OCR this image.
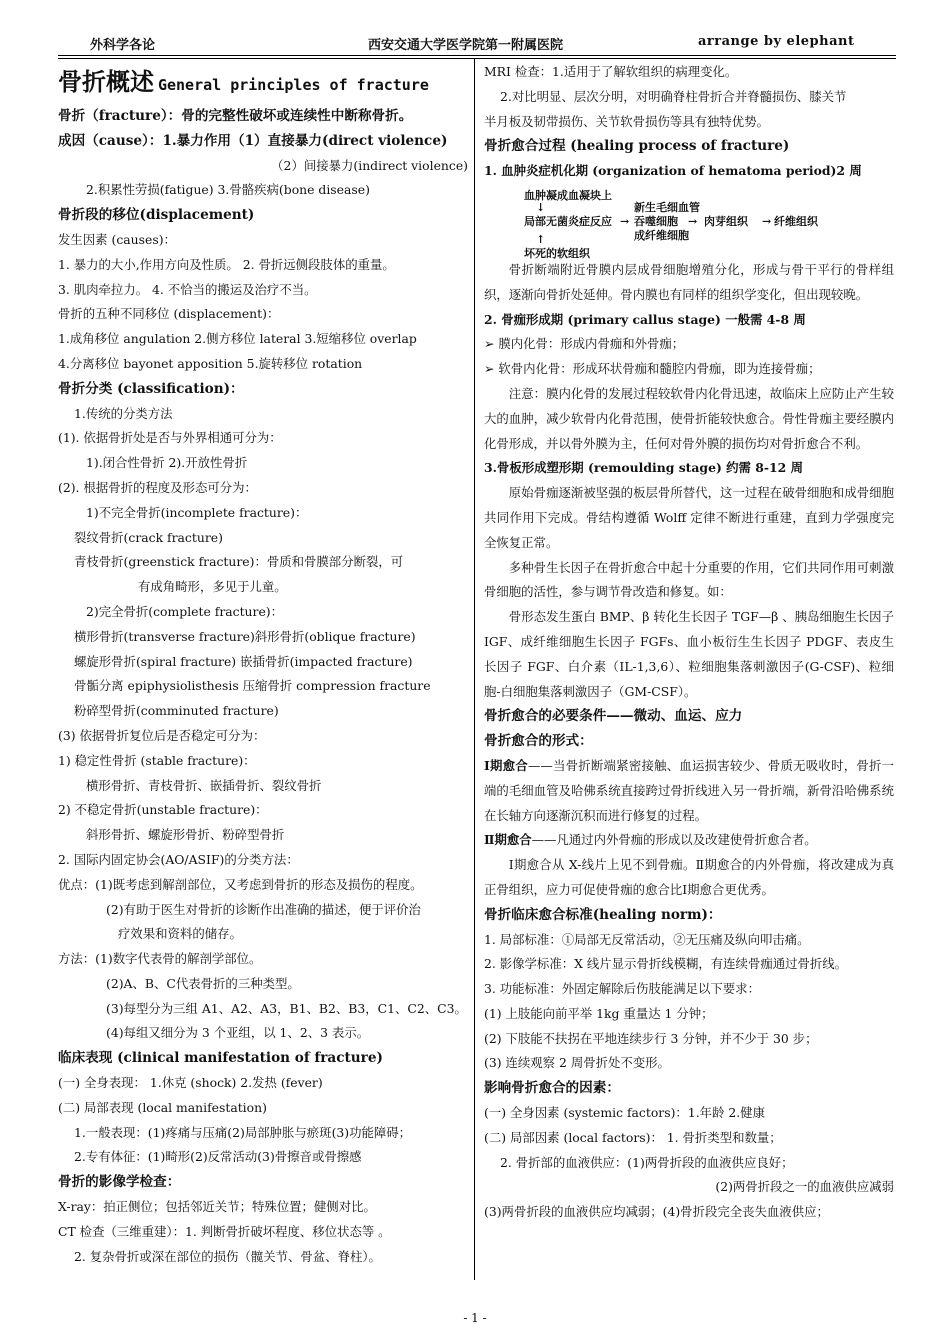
外科学各论	西安交通大学医学院第一附属医院	arrange by elephant
骨折概述 General principles of fracture
骨折（fracture）：骨的完整性破坏或连续性中断称骨折。
成因（cause）：1.暴力作用（1）直接暴力(direct violence)
（2）间接暴力(indirect violence)
2.积累性劳损(fatigue) 3.骨骼疾病(bone disease)
骨折段的移位(displacement)
发生因素 (causes)：
1. 暴力的大小,作用方向及性质。 2. 骨折远侧段肢体的重量。
3. 肌肉牵拉力。 4. 不恰当的搬运及治疗不当。
骨折的五种不同移位 (displacement)：
1.成角移位 angulation 2.侧方移位 lateral 3.短缩移位 overlap
4.分离移位 bayonet apposition 5.旋转移位 rotation
骨折分类 (classification)：
1.传统的分类方法
(1). 依据骨折处是否与外界相通可分为：
1).闭合性骨折 2).开放性骨折
(2). 根据骨折的程度及形态可分为：
1)不完全骨折(incomplete fracture)：
裂纹骨折(crack fracture)
青枝骨折(greenstick fracture)：骨质和骨膜部分断裂，可
有成角畸形，多见于儿童。
2)完全骨折(complete fracture)：
横形骨折(transverse fracture)斜形骨折(oblique fracture)
螺旋形骨折(spiral fracture) 嵌插骨折(impacted fracture)
骨骺分离 epiphysiolisthesis 压缩骨折 compression fracture
粉碎型骨折(comminuted fracture)
(3) 依据骨折复位后是否稳定可分为：
1) 稳定性骨折 (stable fracture)：
横形骨折、青枝骨折、嵌插骨折、裂纹骨折
2) 不稳定骨折(unstable fracture)：
斜形骨折、螺旋形骨折、粉碎型骨折
2. 国际内固定协会(AO/ASIF)的分类方法：
优点：(1)既考虑到解剖部位，又考虑到骨折的形态及损伤的程度。
(2)有助于医生对骨折的诊断作出准确的描述，便于评价治
疗效果和资料的储存。
方法：(1)数字代表骨的解剖学部位。
(2)A、B、C代表骨折的三种类型。
(3)每型分为三组 A1、A2、A3，B1、B2、B3，C1、C2、C3。
(4)每组又细分为 3 个亚组，以 1、2、3 表示。
临床表现 (clinical manifestation of fracture)
(一) 全身表现： 1.休克 (shock) 2.发热 (fever)
(二) 局部表现 (local manifestation)
1.一般表现：(1)疼痛与压痛(2)局部肿胀与瘀斑(3)功能障碍；
2.专有体征：(1)畸形(2)反常活动(3)骨擦音或骨擦感
骨折的影像学检查：
X-ray：拍正侧位；包括邻近关节；特殊位置；健侧对比。
CT 检查（三维重建）：1. 判断骨折破坏程度、移位状态等 。
2. 复杂骨折或深在部位的损伤（髋关节、骨盆、脊柱）。
MRI 检查：1.适用于了解软组织的病理变化。
2.对比明显、层次分明，对明确脊柱骨折合并脊髓损伤、膝关节
半月板及韧带损伤、关节软骨损伤等具有独特优势。
骨折愈合过程 (healing process of fracture)
1. 血肿炎症机化期 (organization of hematoma period)2 周
血肿凝成血凝块上
↓	新生毛细血管
局部无菌炎症反应 → 吞噬细胞 → 肉芽组织 → 纤维组织
成纤维细胞
↑
坏死的软组织
骨折断端附近骨膜内层成骨细胞增殖分化，形成与骨干平行的骨样组织，逐渐向骨折处延伸。骨内膜也有同样的组织学变化，但出现较晚。
2. 骨痂形成期 (primary callus stage) 一般需 4-8 周
➢ 膜内化骨：形成内骨痂和外骨痂；
➢ 软骨内化骨：形成环状骨痂和髓腔内骨痂，即为连接骨痂；
注意：膜内化骨的发展过程较软骨内化骨迅速，故临床上应防止产生较大的血肿，减少软骨内化骨范围，使骨折能较快愈合。骨性骨痂主要经膜内化骨形成，并以骨外膜为主，任何对骨外膜的损伤均对骨折愈合不利。
3.骨板形成塑形期 (remoulding stage) 约需 8-12 周
原始骨痂逐渐被坚强的板层骨所替代，这一过程在破骨细胞和成骨细胞共同作用下完成。骨结构遵循 Wolff 定律不断进行重建，直到力学强度完全恢复正常。
多种骨生长因子在骨折愈合中起十分重要的作用，它们共同作用可刺激骨细胞的活性，参与调节骨改造和修复。如：
骨形态发生蛋白 BMP、β 转化生长因子 TGF—β 、胰岛细胞生长因子 IGF、成纤维细胞生长因子 FGFs、血小板衍生生长因子 PDGF、表皮生长因子 FGF、白介素（IL-1,3,6）、粒细胞集落刺激因子(G-CSF)、粒细胞-白细胞集落刺激因子（GM-CSF）。
骨折愈合的必要条件——微动、血运、应力
骨折愈合的形式：
Ⅰ期愈合——当骨折断端紧密接触、血运损害较少、骨质无吸收时，骨折一端的毛细血管及哈佛系统直接跨过骨折线进入另一骨折端，新骨沿哈佛系统在长轴方向逐渐沉积而进行修复的过程。
Ⅱ期愈合——凡通过内外骨痂的形成以及改建使骨折愈合者。
Ⅰ期愈合从 X-线片上见不到骨痂。Ⅱ期愈合的内外骨痂，将改建成为真正骨组织，应力可促使骨痂的愈合比Ⅰ期愈合更优秀。
骨折临床愈合标准(healing norm)：
1. 局部标准：①局部无反常活动，②无压痛及纵向叩击痛。
2. 影像学标准：X 线片显示骨折线模糊，有连续骨痂通过骨折线。
3. 功能标准：外固定解除后伤肢能满足以下要求：
(1) 上肢能向前平举 1kg 重量达 1 分钟；
(2) 下肢能不扶拐在平地连续步行 3 分钟，并不少于 30 步；
(3) 连续观察 2 周骨折处不变形。
影响骨折愈合的因素：
(一) 全身因素 (systemic factors)：1.年龄 2.健康
(二) 局部因素 (local factors)： 1. 骨折类型和数量；
2. 骨折部的血液供应：(1)两骨折段的血液供应良好；
(2)两骨折段之一的血液供应减弱
(3)两骨折段的血液供应均减弱；(4)骨折段完全丧失血液供应；
- 1 -
